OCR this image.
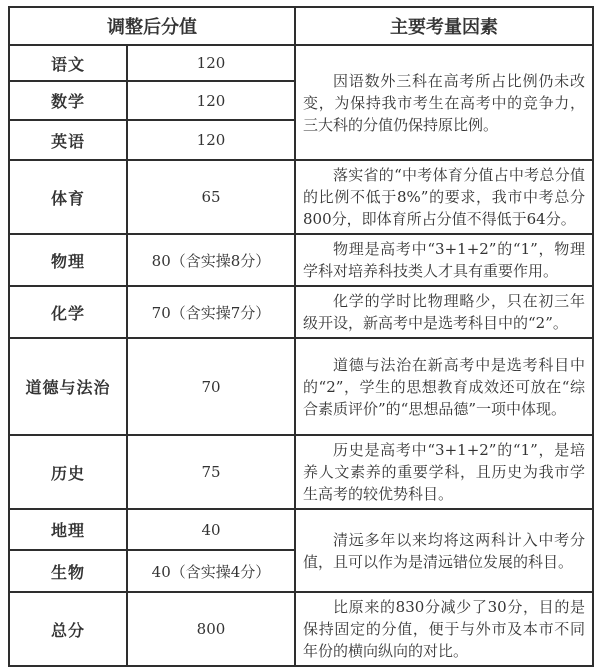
调整后分值		主要考量因素
语文	120	因语数外三科在高考所占比例仍未改变，为保持我市考生在高考中的竞争力，三大科的分值仍保持原比例。
数学	120	
英语	120	
体育	65	落实省的“中考体育分值占中考总分值的比例不低于8%”的要求，我市中考总分800分，即体育所占分值不得低于64分。
物理	80（含实操8分）	物理是高考中“3+1+2”的“1”，物理学科对培养科技类人才具有重要作用。
化学	70（含实操7分）	化学的学时比物理略少，只在初三年级开设，新高考中是选考科目中的“2”。
道德与法治	70	道德与法治在新高考中是选考科目中的“2”，学生的思想教育成效还可放在“综合素质评价”的“思想品德”一项中体现。
历史	75	历史是高考中“3+1+2”的“1”，是培养人文素养的重要学科，且历史为我市学生高考的较优势科目。
地理	40	清远多年以来均将这两科计入中考分值，且可以作为是清远错位发展的科目。
生物	40（含实操4分）	
总分	800	比原来的830分减少了30分，目的是保持固定的分值，便于与外市及本市不同年份的横向纵向的对比。
